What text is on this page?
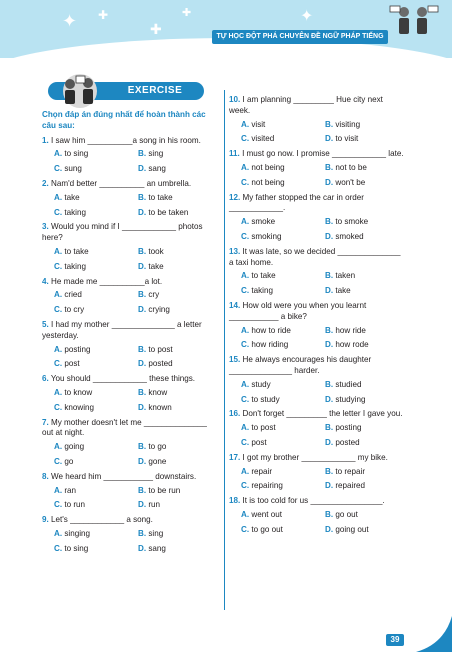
✦ ✚
✚
✚	✦
TỰ HỌC ĐỘT PHÁ CHUYÊN ĐỀ NGỮ PHÁP TIẾNG ANH
EXERCISE
Chọn đáp án đúng nhất để hoàn thành các câu sau:
1. I saw him __________a song in his room.
A. to sing	B. sing
C. sung	D. sang
2. Nam'd better __________ an umbrella.
A. take	B. to take
C. taking	D. to be taken
3. Would you mind if I ____________ photos here?
A. to take	B. took
C. taking	D. take
4. He made me __________a lot.
A. cried	B. cry
C. to cry	D. crying
5. I had my mother ______________ a letter yesterday.
A. posting	B. to post
C. post	D. posted
6. You should ____________ these things.
A. to know	B. know
C. knowing	D. known
7. My mother doesn't let me ______________ out at night.
A. going	B. to go
C. go	D. gone
8. We heard him ___________ downstairs.
A. ran	B. to be run
C. to run	D. run
9. Let's ____________ a song.
A. singing	B. sing
C. to sing	D. sang
10. I am planning _________ Hue city next week.
A. visit	B. visiting
C. visited	D. to visit
11. I must go now. I promise ____________ late.
A. not being	B. not to be
C. not being	D. won't be
12. My father stopped the car in order ____________.
A. smoke	B. to smoke
C. smoking	D. smoked
13. It was late, so we decided ______________ a taxi home.
A. to take	B. taken
C. taking	D. take
14. How old were you when you learnt ___________ a bike?
A. how to ride	B. how ride
C. how riding	D. how rode
15. He always encourages his daughter ______________ harder.
A. study	B. studied
C. to study	D. studying
16. Don't forget _________ the letter I gave you.
A. to post	B. posting
C. post	D. posted
17. I got my brother ____________ my bike.
A. repair	B. to repair
C. repairing	D. repaired
18. It is too cold for us ________________.
A. went out	B. go out
C. to go out	D. going out
39
